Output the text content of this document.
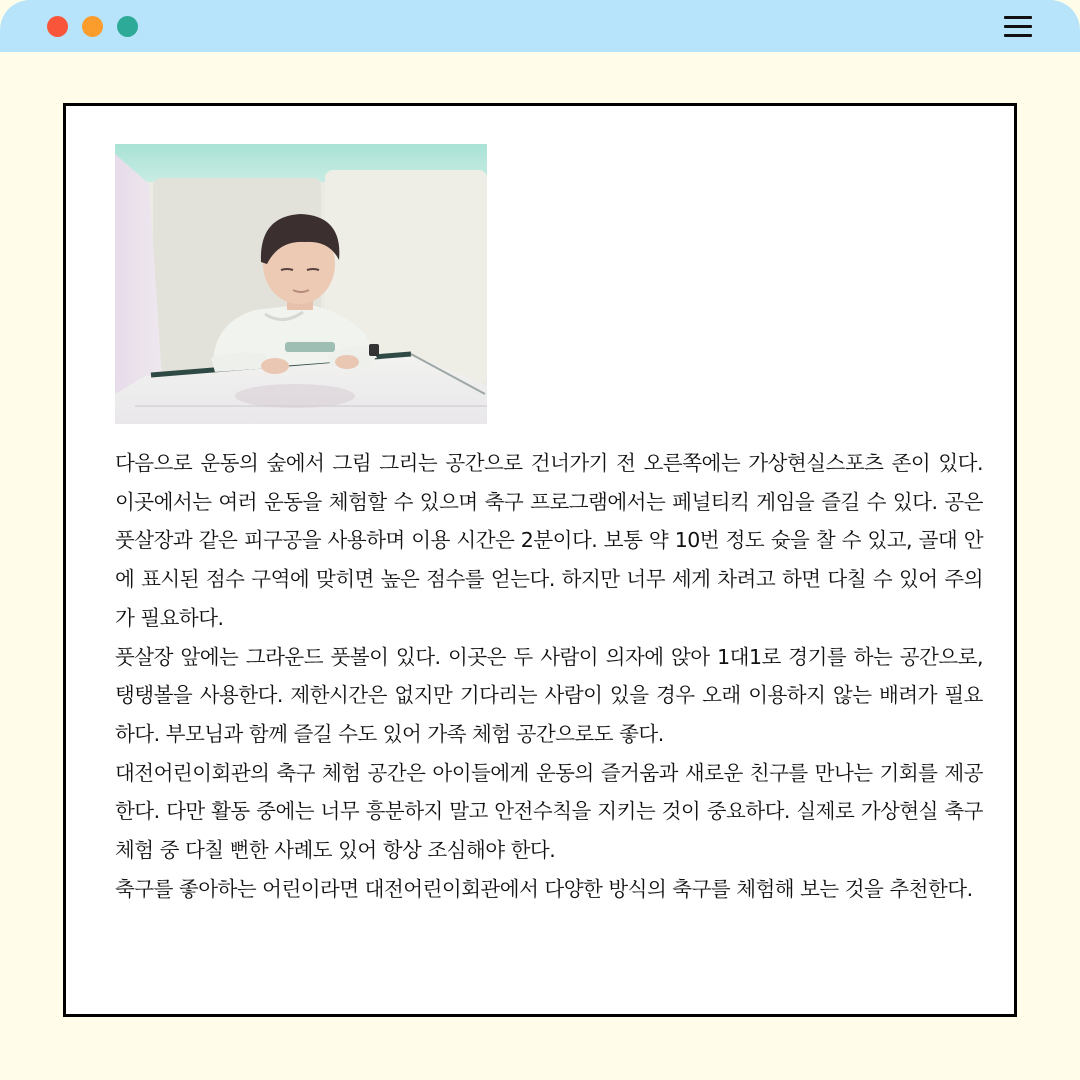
다음으로 운동의 숲에서 그림 그리는 공간으로 건너가기 전 오른쪽에는 가상현실스포츠 존이 있다. 이곳에서는 여러 운동을 체험할 수 있으며 축구 프로그램에서는 페널티킥 게임을 즐길 수 있다. 공은 풋살장과 같은 피구공을 사용하며 이용 시간은 2분이다. 보통 약 10번 정도 슛을 찰 수 있고, 골대 안에 표시된 점수 구역에 맞히면 높은 점수를 얻는다. 하지만 너무 세게 차려고 하면 다칠 수 있어 주의가 필요하다.

풋살장 앞에는 그라운드 풋볼이 있다. 이곳은 두 사람이 의자에 앉아 1대1로 경기를 하는 공간으로, 탱탱볼을 사용한다. 제한시간은 없지만 기다리는 사람이 있을 경우 오래 이용하지 않는 배려가 필요하다. 부모님과 함께 즐길 수도 있어 가족 체험 공간으로도 좋다.

대전어린이회관의 축구 체험 공간은 아이들에게 운동의 즐거움과 새로운 친구를 만나는 기회를 제공한다. 다만 활동 중에는 너무 흥분하지 말고 안전수칙을 지키는 것이 중요하다. 실제로 가상현실 축구 체험 중 다칠 뻔한 사례도 있어 항상 조심해야 한다.

축구를 좋아하는 어린이라면 대전어린이회관에서 다양한 방식의 축구를 체험해 보는 것을 추천한다.
